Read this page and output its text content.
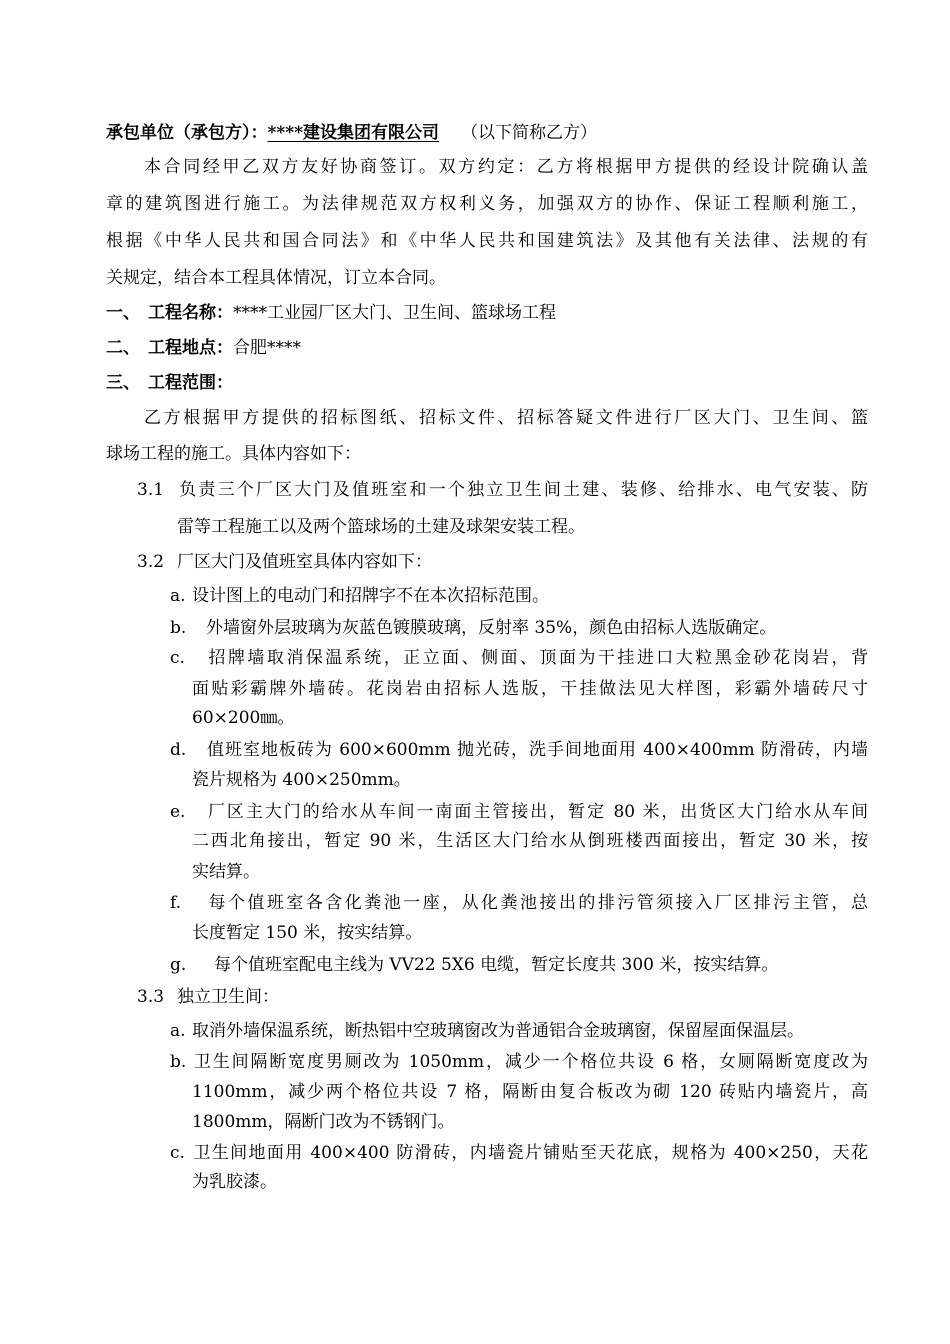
承包单位（承包方）：****建设集团有限公司 （以下简称乙方）
本合同经甲乙双方友好协商签订。双方约定：乙方将根据甲方提供的经设计院确认盖
章的建筑图进行施工。为法律规范双方权利义务，加强双方的协作、保证工程顺利施工，
根据《中华人民共和国合同法》和《中华人民共和国建筑法》及其他有关法律、法规的有
关规定，结合本工程具体情况，订立本合同。
一、 工程名称：****工业园厂区大门、卫生间、篮球场工程
二、 工程地点：合肥****
三、 工程范围：
乙方根据甲方提供的招标图纸、招标文件、招标答疑文件进行厂区大门、卫生间、篮
球场工程的施工。具体内容如下：
3.1 负责三个厂区大门及值班室和一个独立卫生间土建、装修、给排水、电气安装、防
雷等工程施工以及两个篮球场的土建及球架安装工程。
3.2 厂区大门及值班室具体内容如下：
a. 设计图上的电动门和招牌字不在本次招标范围。
b. 外墙窗外层玻璃为灰蓝色镀膜玻璃，反射率 35%，颜色由招标人选版确定。
c. 招牌墙取消保温系统，正立面、侧面、顶面为干挂进口大粒黑金砂花岗岩，背
面贴彩霸牌外墙砖。花岗岩由招标人选版，干挂做法见大样图，彩霸外墙砖尺寸
60×200㎜。
d. 值班室地板砖为 600×600mm 抛光砖，洗手间地面用 400×400mm 防滑砖，内墙
瓷片规格为 400×250mm。
e. 厂区主大门的给水从车间一南面主管接出，暂定 80 米，出货区大门给水从车间
二西北角接出，暂定 90 米，生活区大门给水从倒班楼西面接出，暂定 30 米，按
实结算。
f. 每个值班室各含化粪池一座，从化粪池接出的排污管须接入厂区排污主管，总
长度暂定 150 米，按实结算。
g. 每个值班室配电主线为 VV22 5X6 电缆，暂定长度共 300 米，按实结算。
3.3 独立卫生间：
a. 取消外墙保温系统，断热铝中空玻璃窗改为普通铝合金玻璃窗，保留屋面保温层。
b. 卫生间隔断宽度男厕改为 1050mm，减少一个格位共设 6 格，女厕隔断宽度改为
1100mm，减少两个格位共设 7 格，隔断由复合板改为砌 120 砖贴内墙瓷片，高
1800mm，隔断门改为不锈钢门。
c. 卫生间地面用 400×400 防滑砖，内墙瓷片铺贴至天花底，规格为 400×250，天花
为乳胶漆。
